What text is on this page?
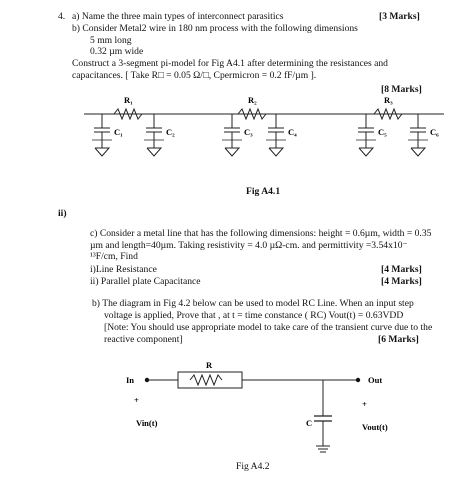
4. a) Name the three main types of interconnect parasitics	[3 Marks]
b) Consider Metal2 wire in 180 nm process with the following dimensions
5 mm long
0.32 µm wide
Construct a 3-segment pi-model for Fig A4.1 after determining the resistances and
capacitances. [ Take R□ = 0.05 Ω/□, Cpermicron = 0.2 fF/µm ].
[8 Marks]
R₁	R₂	R₃
C₁	C₂	C₃	C₄	C₅	C₆
Fig A4.1
ii)
c) Consider a metal line that has the following dimensions: height = 0.6µm, width = 0.35
µm and length=40µm. Taking resistivity = 4.0 µΩ-cm. and permittivity =3.54x10⁻
¹³F/cm, Find
i)Line Resistance	[4 Marks]
ii) Parallel plate Capacitance	[4 Marks]
b) The diagram in Fig 4.2 below can be used to model RC Line. When an input step
voltage is applied, Prove that , at t = time constance ( RC) Vout(t) = 0.63VDD
[Note: You should use appropriate model to take care of the transient curve due to the
reactive component]	[6 Marks]
In
R
Out
+	+
C
Vin(t)	Vout(t)
Fig A4.2
